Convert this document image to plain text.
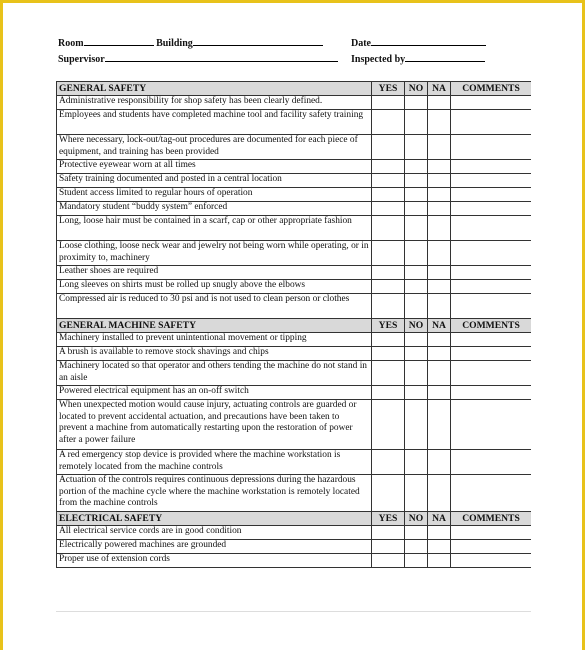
Room	Building	Date
Supervisor	Inspected by
GENERAL SAFETY	YES	NO	NA	COMMENTS
Administrative responsibility for shop safety has been clearly defined.				
Employees and students have completed machine tool and facility safety training				
Where necessary, lock-out/tag-out procedures are documented for each piece of equipment, and training has been provided				
Protective eyewear worn at all times				
Safety training documented and posted in a central location				
Student access limited to regular hours of operation				
Mandatory student “buddy system” enforced				
Long, loose hair must be contained in a scarf, cap or other appropriate fashion				
Loose clothing, loose neck wear and jewelry not being worn while operating, or in proximity to, machinery				
Leather shoes are required				
Long sleeves on shirts must be rolled up snugly above the elbows				
Compressed air is reduced to 30 psi and is not used to clean person or clothes				
GENERAL MACHINE SAFETY	YES	NO	NA	COMMENTS
Machinery installed to prevent unintentional movement or tipping				
A brush is available to remove stock shavings and chips				
Machinery located so that operator and others tending the machine do not stand in an aisle				
Powered electrical equipment has an on-off switch				
When unexpected motion would cause injury, actuating controls are guarded or located to prevent accidental actuation, and precautions have been taken to prevent a machine from automatically restarting upon the restoration of power after a power failure				
A red emergency stop device is provided where the machine workstation is remotely located from the machine controls				
Actuation of the controls requires continuous depressions during the hazardous portion of the machine cycle where the machine workstation is remotely located from the machine controls				
ELECTRICAL SAFETY	YES	NO	NA	COMMENTS
All electrical service cords are in good condition				
Electrically powered machines are grounded				
Proper use of extension cords				
